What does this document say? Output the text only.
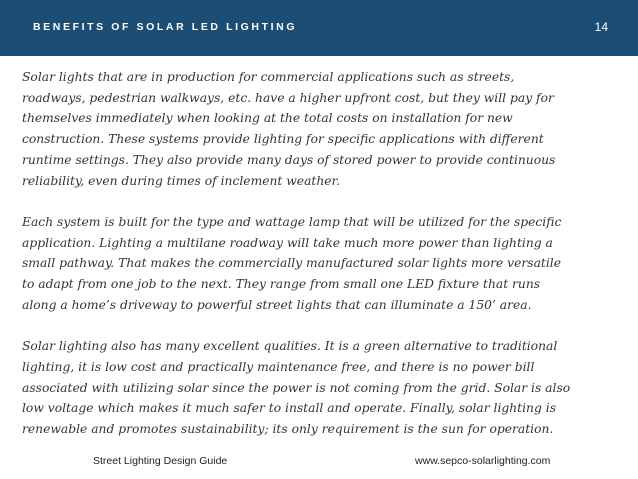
BENEFITS OF SOLAR LED LIGHTING	14

Solar lights that are in production for commercial applications such as streets,
roadways, pedestrian walkways, etc. have a higher upfront cost, but they will pay for
themselves immediately when looking at the total costs on installation for new
construction. These systems provide lighting for specific applications with different
runtime settings. They also provide many days of stored power to provide continuous
reliability, even during times of inclement weather.

Each system is built for the type and wattage lamp that will be utilized for the specific
application. Lighting a multilane roadway will take much more power than lighting a
small pathway. That makes the commercially manufactured solar lights more versatile
to adapt from one job to the next. They range from small one LED fixture that runs
along a home’s driveway to powerful street lights that can illuminate a 150’ area.

Solar lighting also has many excellent qualities. It is a green alternative to traditional
lighting, it is low cost and practically maintenance free, and there is no power bill
associated with utilizing solar since the power is not coming from the grid. Solar is also
low voltage which makes it much safer to install and operate. Finally, solar lighting is
renewable and promotes sustainability; its only requirement is the sun for operation.

Street Lighting Design Guide	www.sepco-solarlighting.com
